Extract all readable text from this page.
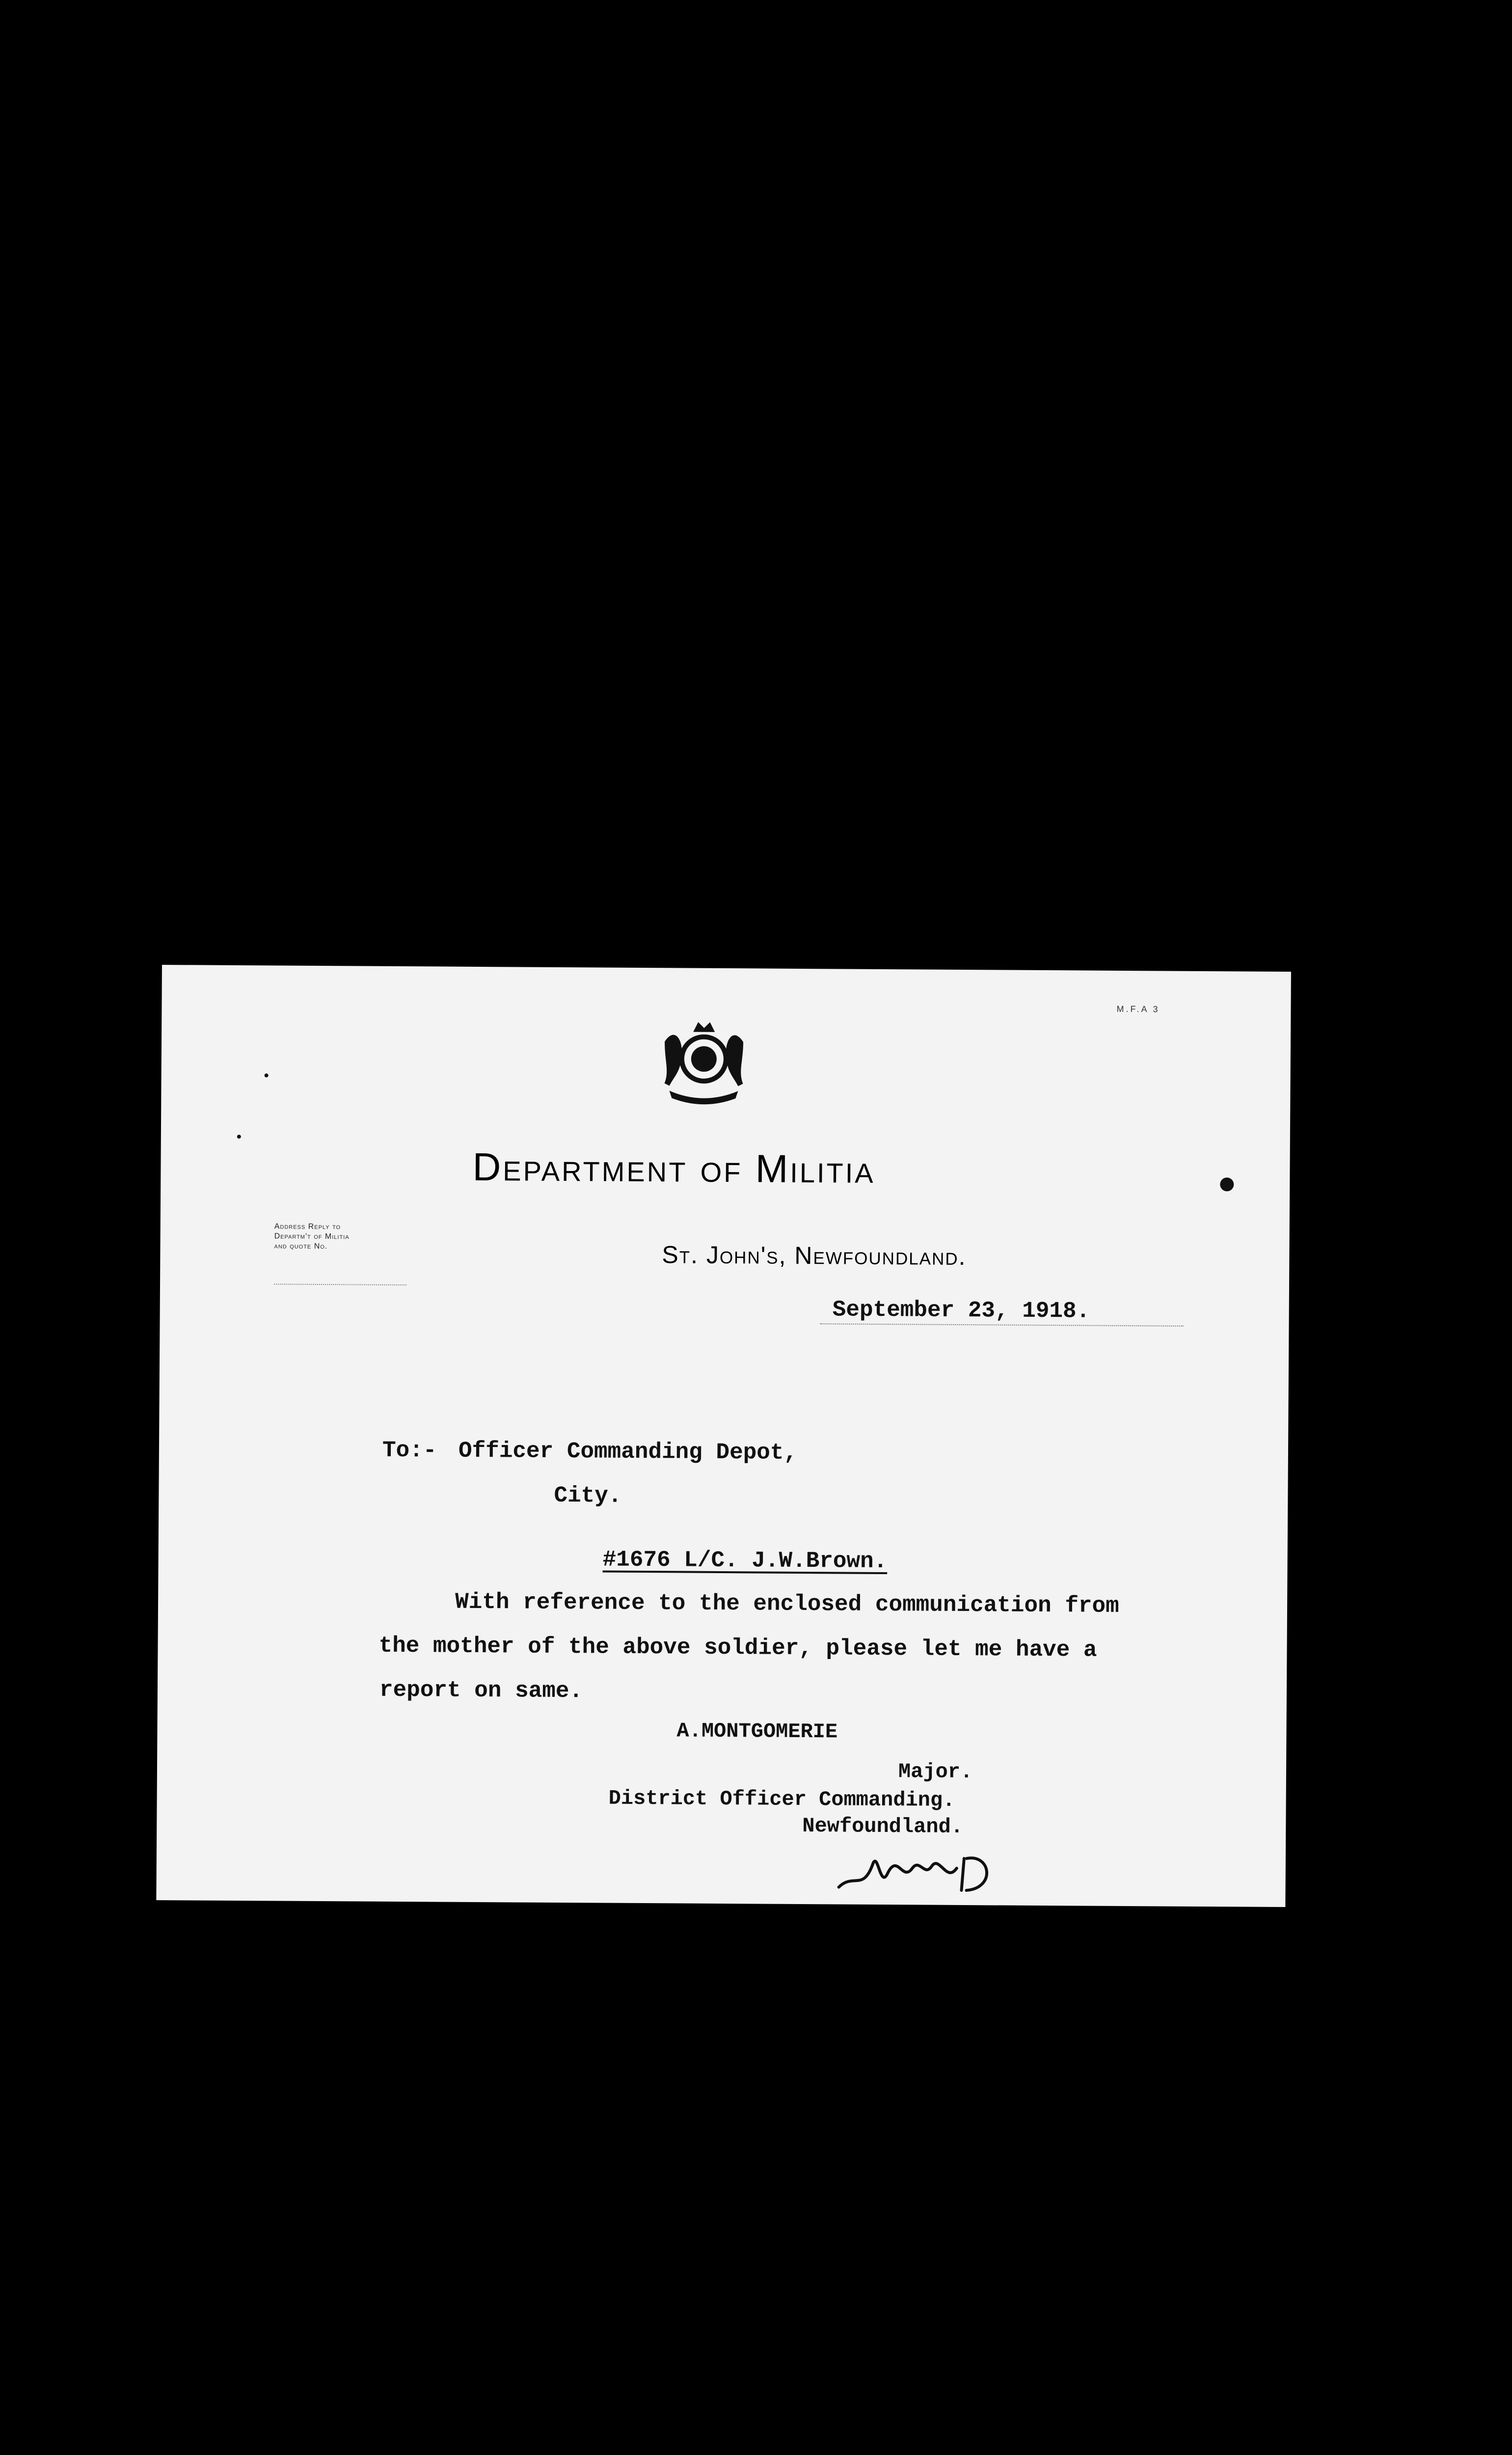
M.F.A 3
Department of Militia
Address Reply to
Departm't of Militia
and quote No.	St. John's, Newfoundland.
September 23, 1918.
To:- Officer Commanding Depot,
City.
#1676 L/C. J.W.Brown.
With reference to the enclosed communication from
the mother of the above soldier, please let me have a
report on same.
A.MONTGOMERIE
Major.
District Officer Commanding.
Newfoundland.
